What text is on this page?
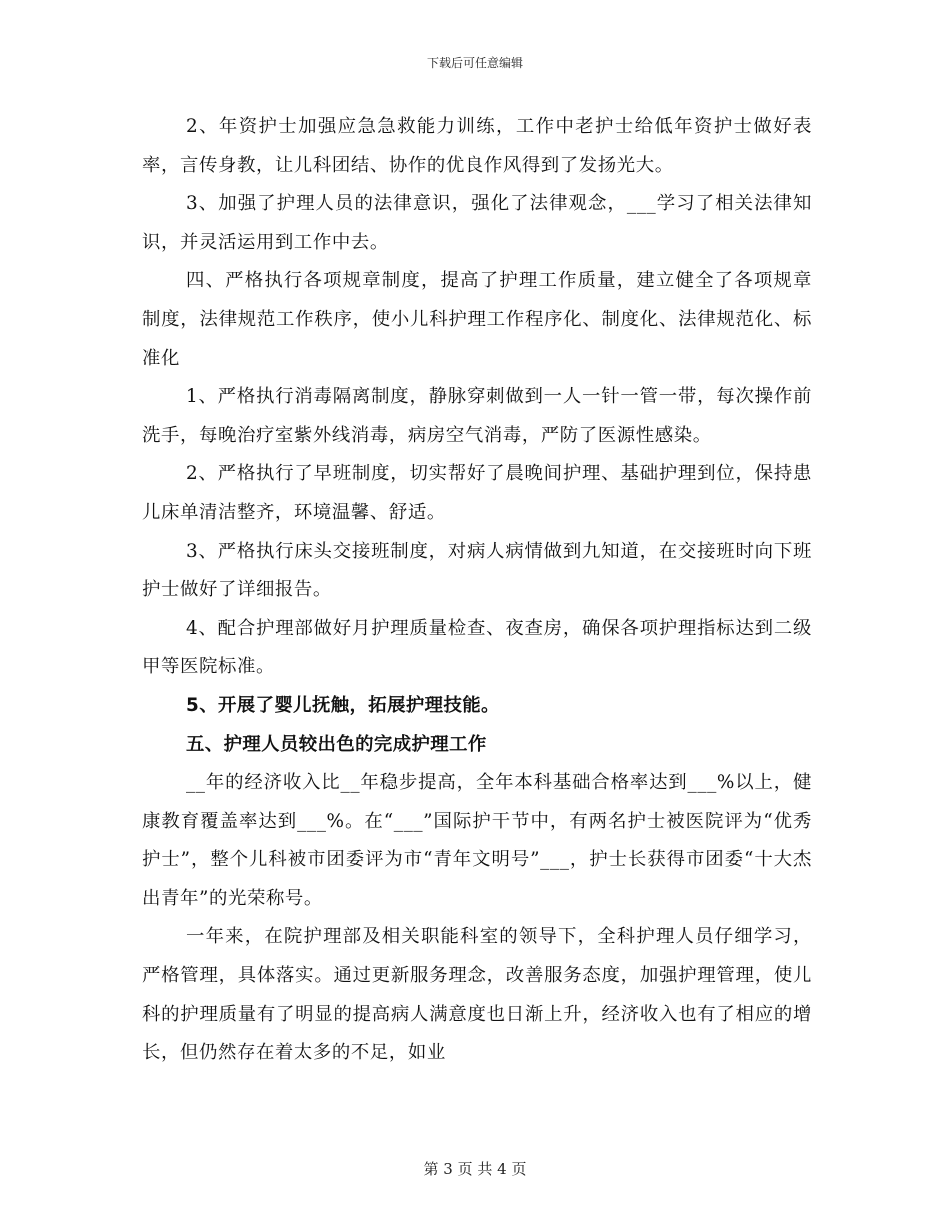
下载后可任意编辑

2、年资护士加强应急急救能力训练，工作中老护士给低年资护士做好表率，言传身教，让儿科团结、协作的优良作风得到了发扬光大。

3、加强了护理人员的法律意识，强化了法律观念，___学习了相关法律知识，并灵活运用到工作中去。

四、严格执行各项规章制度，提高了护理工作质量，建立健全了各项规章制度，法律规范工作秩序，使小儿科护理工作程序化、制度化、法律规范化、标准化

1、严格执行消毒隔离制度，静脉穿刺做到一人一针一管一带，每次操作前洗手，每晚治疗室紫外线消毒，病房空气消毒，严防了医源性感染。

2、严格执行了早班制度，切实帮好了晨晚间护理、基础护理到位，保持患儿床单清洁整齐，环境温馨、舒适。

3、严格执行床头交接班制度，对病人病情做到九知道，在交接班时向下班护士做好了详细报告。

4、配合护理部做好月护理质量检查、夜查房，确保各项护理指标达到二级甲等医院标准。

5、开展了婴儿抚触，拓展护理技能。

五、护理人员较出色的完成护理工作

__年的经济收入比__年稳步提高，全年本科基础合格率达到___%以上，健康教育覆盖率达到___%。在“___”国际护干节中，有两名护士被医院评为“优秀护士”，整个儿科被市团委评为市“青年文明号”___，护士长获得市团委“十大杰出青年”的光荣称号。

一年来，在院护理部及相关职能科室的领导下，全科护理人员仔细学习，严格管理，具体落实。通过更新服务理念，改善服务态度，加强护理管理，使儿科的护理质量有了明显的提高病人满意度也日渐上升，经济收入也有了相应的增长，但仍然存在着太多的不足，如业

第 3 页 共 4 页
